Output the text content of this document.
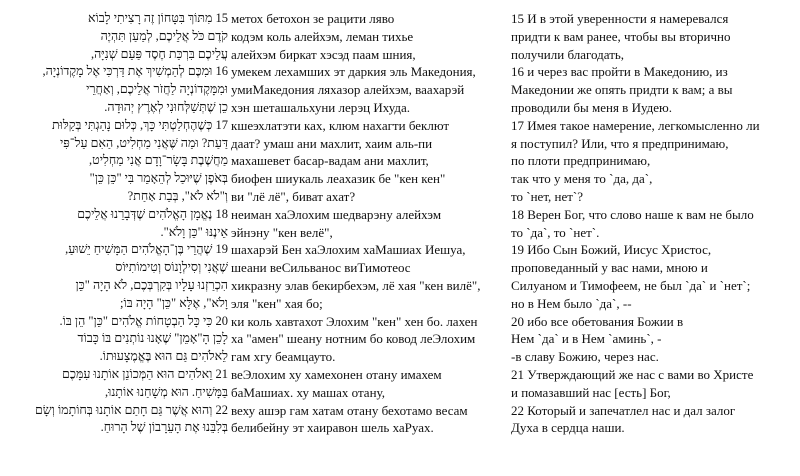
15 מִתּוֹךְ בִּטָּחוֹן זֶה רָצִיתִי לָבוֹא
קֹדֶם כֹּל אֲלֵיכֶם, לְמַעַן תִּהְיֶה
עֲלֵיכֶם בִּרְכַּת חֶסֶד פַּעַם שְׁנִיָּה,
16 וּמִכֶּם לְהַמְשִׁיךְ אֶת דַּרְכִּי אֶל מָקֶדוֹנְיָה,
וּמִמָּקֶדוֹנְיָה לַחֲזֹר אֲלֵיכֶם, וְאַחֲרֵי
כֵן שֶׁתְּשַׁלְּחוּנִי לְאֶרֶץ יְהוּדָה.
17 כְּשֶׁהֶחְלַטְתִּי כָּךְ, כְּלוּם נָהַגְתִּי בְּקַלּוּת
דַּעַת? וּמַה שֶּׁאֲנִי מַחְלִיט, הַאִם עַל־פִּי
מַחֲשֶׁבֶת בָּשָׂר־וָדָם אֲנִי מַחְלִיט,
בְּאֹפֶן שֶׁיּוּכַל לְהֵאָמֵר בִּי "כֵּן כֵּן"
וְ"לֹא לֹא", בְּבַת אַחַת?
18 נֶאֱמָן הָאֱלֹהִים שֶׁדְּבָרֵנוּ אֲלֵיכֶם
אֵינֶנּוּ "כֵּן וָלֹא".
19 שֶׁהֲרֵי בֶּן־הָאֱלֹהִים הַמָּשִׁיחַ יֵשׁוּעַ,
שֶׁאֲנִי וְסִילְוָנוֹס וְטִימוֹתִיּוֹס
הִכְרַזְנוּ עָלָיו בְּקִרְבְּכֶם, לֹא הָיָה "כֵּן
וָלֹא", אֶלָּא "כֵּן" הָיָה בּוֹ;
20 כִּי כָּל הַבְטָחוֹת אֱלֹהִים "כֵּן" הֵן בּוֹ.
לָכֵן הָ"אָמֵן" שֶׁאָנוּ נוֹתְנִים בּוֹ כָּבוֹד
לֵאלֹהִים גַּם הוּא בֶּאֱמֶצָעוּתוֹ.
21 וֵאלֹהִים הוּא הַמְּכוֹנֵן אוֹתָנוּ עִמָּכֶם
בַּמָּשִׁיחַ. הוּא מְשָׁחַנוּ אוֹתָנוּ,
22 וְהוּא אֲשֶׁר גַּם חָתַם אוֹתָנוּ בְּחוֹתָמוֹ וְשָׂם
בְּלִבֵּנוּ אֶת הָעֵרָבוֹן שֶׁל הָרוּחַ.
метох бетохон зе рацити ляво
кодэм коль алейхэм, леман тихье
алейхэм биркат хэсэд паам шния,
умекем лехамших эт даркия эль Македония,
умиМакедония ляхазор алейхэм, ваахарэй
хэн шеташальхуни лерэц Ихуда.
кшеэхлатэти ках, клюм нахагти беклют
даат? умаш ани махлит, хаим аль-пи
махашевет басар-вадам ани махлит,
биофен шиукаль леахазик бе "кен кен"
ви "лё лё", биват ахат?
неиман хаЭлохим шедварэну алейхэм
эйнэну "кен велё",
шахарэй Бен хаЭлохим хаМашиах Иешуа,
шеани веСильванос виТимотеос
хикразну элав бекирбехэм, лё хая "кен вилё",
эля "кен" хая бо;
ки коль хавтахот Элохим "кен" хен бо. лахен
ха "амен" шеану нотним бо ковод леЭлохим
гам хгу беамцауто.
веЭлохим ху хамехонен отану имахем
баМашиах. ху машах отану,
веху ашэр гам хатам отану бехотамо весам
белибейну эт хаиравон шель хаРуах.
15 И в этой уверенности я намеревался
придти к вам ранее, чтобы вы вторично
получили благодать,
16 и через вас пройти в Македонию, из
Македонии же опять придти к вам; а вы
проводили бы меня в Иудею.
17 Имея такое намерение, легкомысленно ли
я поступил? Или, что я предпринимаю,
по плоти предпринимаю,
так что у меня то `да, да`,
то `нет, нет`?
18 Верен Бог, что слово наше к вам не было
то `да`, то `нет`.
19 Ибо Сын Божий, Иисус Христос,
проповеданный у вас нами, мною и
Силуаном и Тимофеем, не был `да` и `нет`;
но в Нем было `да`, --
20 ибо все обетования Божии в
Нем `да` и в Нем `аминь`, -
-в славу Божию, через нас.
21 Утверждающий же нас с вами во Христе
и помазавший нас [есть] Бог,
22 Который и запечатлел нас и дал залог
Духа в сердца наши.
